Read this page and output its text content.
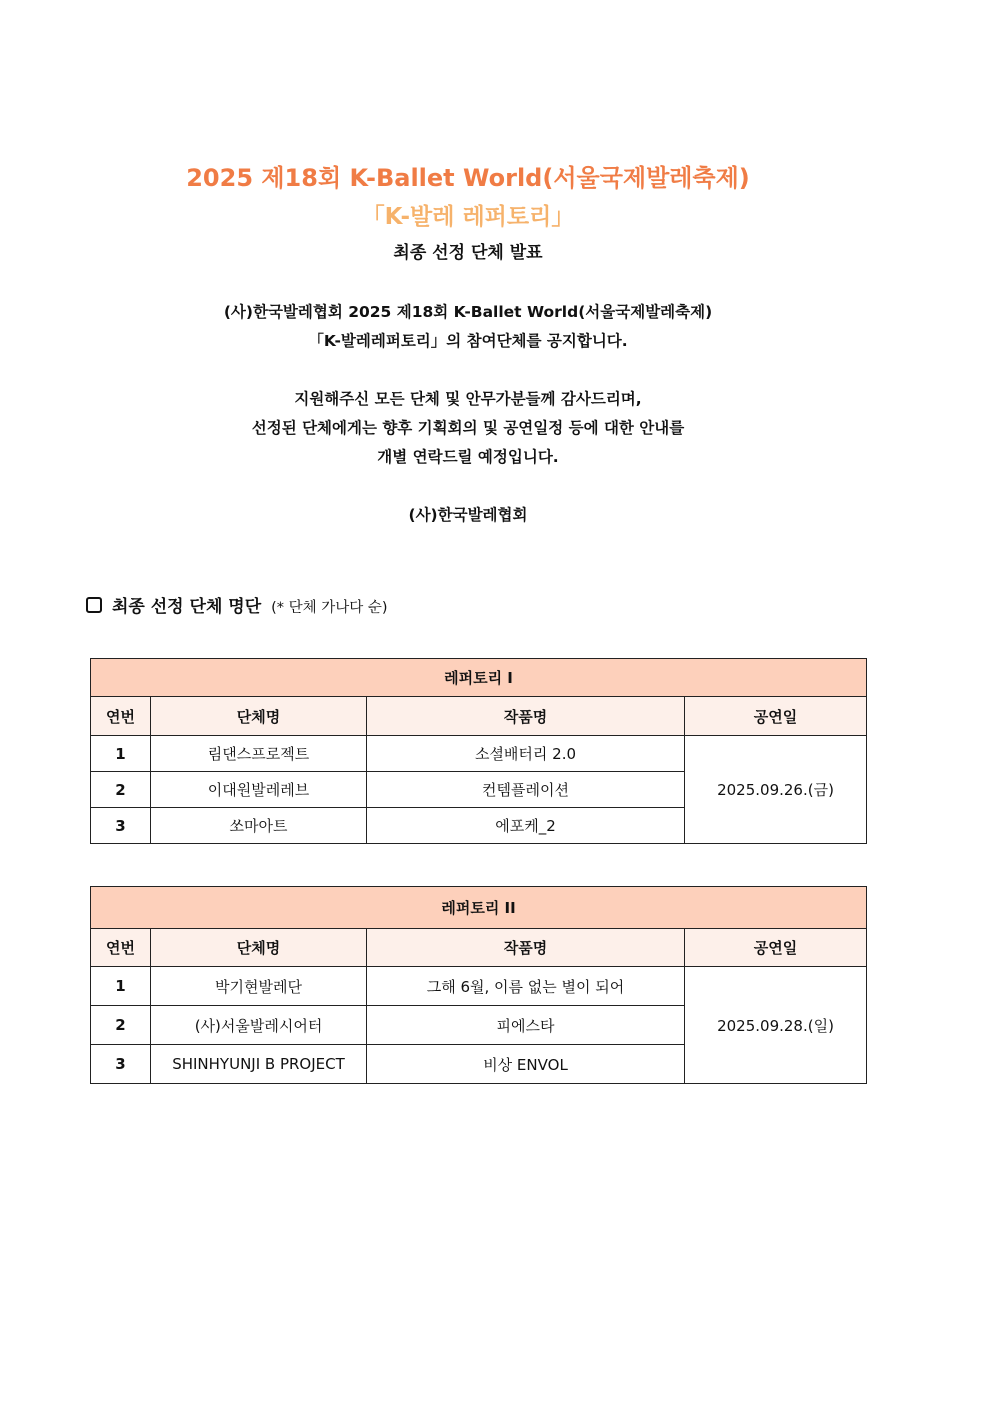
2025 제18회 K-Ballet World(서울국제발레축제)
「K-발레 레퍼토리」
최종 선정 단체 발표
(사)한국발레협회 2025 제18회 K-Ballet World(서울국제발레축제)
「K-발레레퍼토리」의 참여단체를 공지합니다.
지원해주신 모든 단체 및 안무가분들께 감사드리며,
선정된 단체에게는 향후 기획회의 및 공연일정 등에 대한 안내를
개별 연락드릴 예정입니다.
(사)한국발레협회
최종 선정 단체 명단 (* 단체 가나다 순)
레퍼토리 I			
연번	단체명	작품명	공연일
1	림댄스프로젝트	소셜배터리 2.0	2025.09.26.(금)
2	이대원발레레브	컨템플레이션	
3	쏘마아트	에포케_2	
레퍼토리 II			
연번	단체명	작품명	공연일
1	박기현발레단	그해 6월, 이름 없는 별이 되어	2025.09.28.(일)
2	(사)서울발레시어터	피에스타	
3	SHINHYUNJI B PROJECT	비상 ENVOL	
